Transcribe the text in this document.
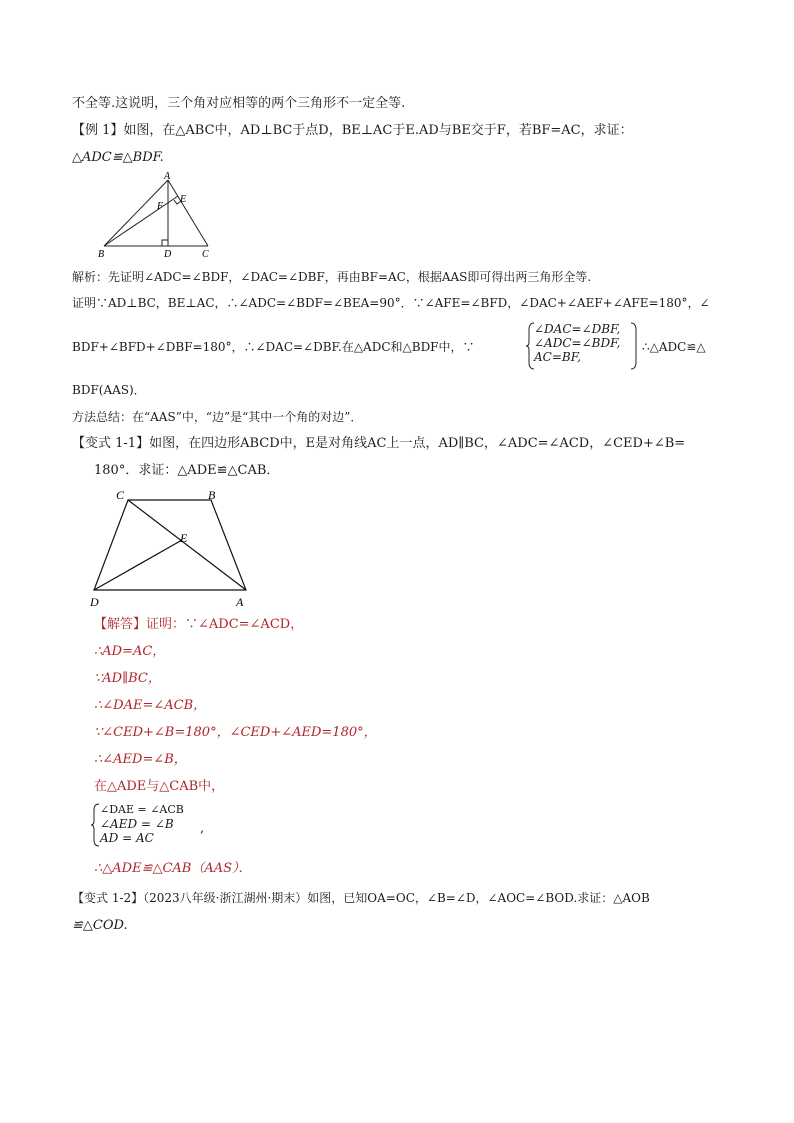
不全等.这说明，三个角对应相等的两个三角形不一定全等.
【例 1】如图，在△ABC中，AD⊥BC于点D，BE⊥AC于E.AD与BE交于F，若BF=AC，求证：
△ADC≌△BDF.
A
B	C
D
E
F
解析：先证明∠ADC=∠BDF，∠DAC=∠DBF，再由BF=AC，根据AAS即可得出两三角形全等.
证明∵AD⊥BC，BE⊥AC，∴∠ADC=∠BDF=∠BEA=90°．∵∠AFE=∠BFD，∠DAC+∠AEF+∠AFE=180°，∠
BDF+∠BFD+∠DBF=180°，∴∠DAC=∠DBF.在△ADC和△BDF中，∵
∠DAC=∠DBF,
∠ADC=∠BDF,
AC=BF,
∴△ADC≌△
BDF(AAS)．
方法总结：在“AAS”中，“边”是“其中一个角的对边”．
【变式 1-1】如图，在四边形ABCD中，E是对角线AC上一点，AD∥BC，∠ADC=∠ACD，∠CED+∠B=
180°．求证：△ADE≌△CAB．
C	B
D	A
E
【解答】证明：∵∠ADC=∠ACD，
∴AD=AC，
∵AD∥BC，
∴∠DAE=∠ACB，
∵∠CED+∠B=180°，∠CED+∠AED=180°，
∴∠AED=∠B，
在△ADE与△CAB中，
∠DAE = ∠ACB
∠AED = ∠B
AD = AC
,
∴△ADE≌△CAB（AAS）．
【变式 1-2】（2023八年级·浙江湖州·期末）如图，已知OA=OC，∠B=∠D，∠AOC=∠BOD.求证：△AOB
≌△COD.
